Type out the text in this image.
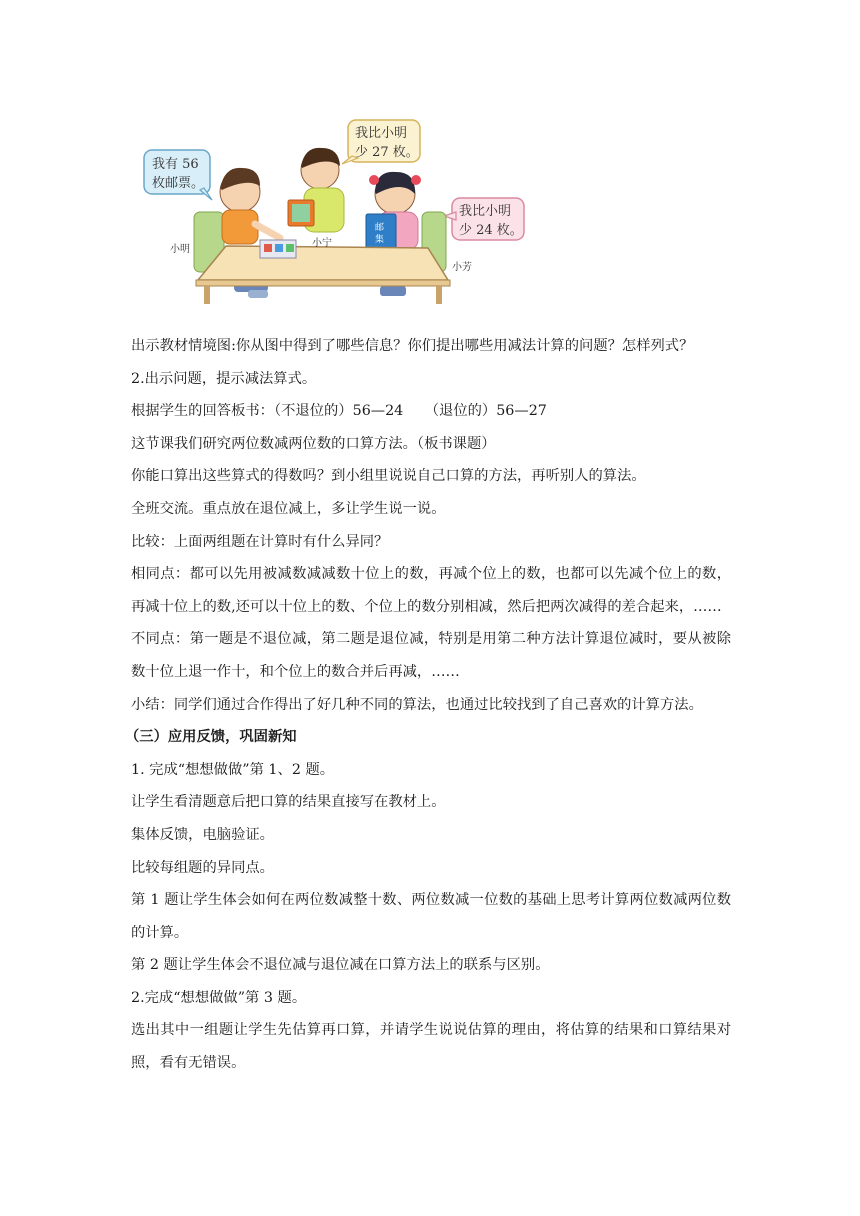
我有 56
枚邮票。
我比小明
少 27 枚。
我比小明
少 24 枚。
邮
集
小明
小宁
小芳

出示教材情境图:你从图中得到了哪些信息？你们提出哪些用减法计算的问题？怎样列式？

2.出示问题，提示减法算式。

根据学生的回答板书：（不退位的）56—24　　（退位的）56—27

这节课我们研究两位数减两位数的口算方法。（板书课题）

你能口算出这些算式的得数吗？到小组里说说自己口算的方法，再听别人的算法。

全班交流。重点放在退位减上，多让学生说一说。

比较：上面两组题在计算时有什么异同？

相同点：都可以先用被减数减减数十位上的数，再减个位上的数，也都可以先减个位上的数，再减十位上的数,还可以十位上的数、个位上的数分别相减，然后把两次减得的差合起来，……

不同点：第一题是不退位减，第二题是退位减，特别是用第二种方法计算退位减时，要从被除数十位上退一作十，和个位上的数合并后再减，……

小结：同学们通过合作得出了好几种不同的算法，也通过比较找到了自己喜欢的计算方法。

（三）应用反馈，巩固新知

1. 完成“想想做做”第 1、2 题。

让学生看清题意后把口算的结果直接写在教材上。

集体反馈，电脑验证。

比较每组题的异同点。

第 1 题让学生体会如何在两位数减整十数、两位数减一位数的基础上思考计算两位数减两位数的计算。

第 2 题让学生体会不退位减与退位减在口算方法上的联系与区别。

2.完成“想想做做”第 3 题。

选出其中一组题让学生先估算再口算，并请学生说说估算的理由，将估算的结果和口算结果对照，看有无错误。
